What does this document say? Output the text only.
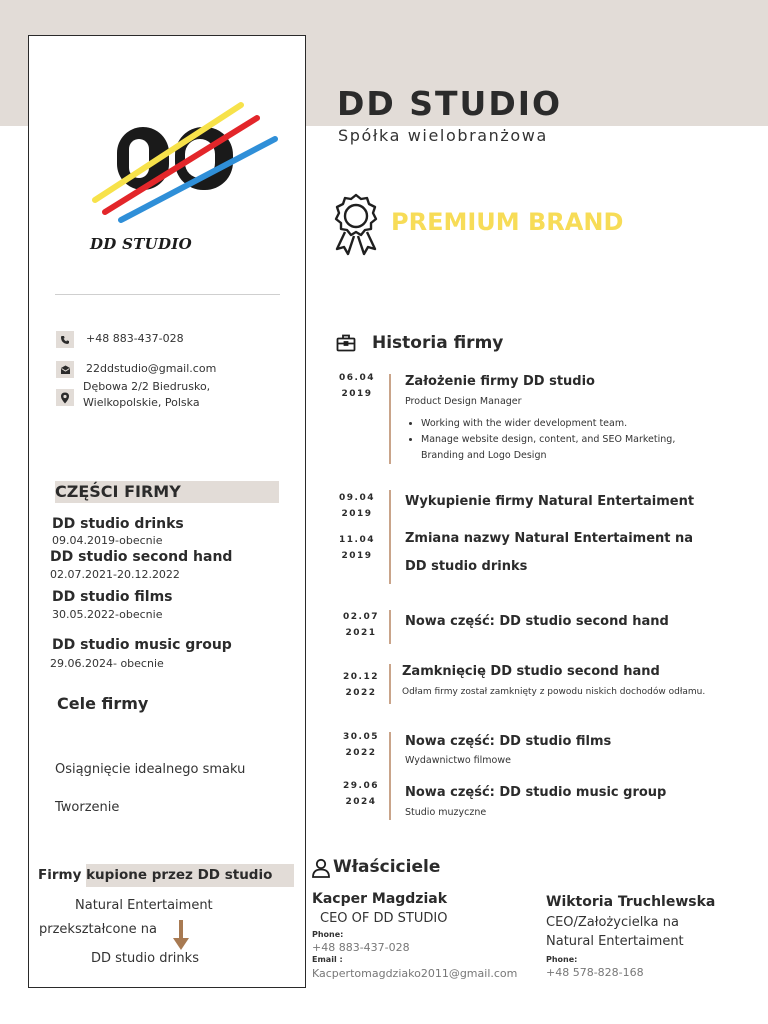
DD STUDIO
+48 883-437-028
22ddstudio@gmail.com
Dębowa 2/2 Biedrusko,
Wielkopolskie, Polska
CZĘŚCI FIRMY
DD studio drinks
09.04.2019-obecnie
DD studio second hand
02.07.2021-20.12.2022
DD studio films
30.05.2022-obecnie
DD studio music group
29.06.2024- obecnie
Cele firmy
Osiągnięcie idealnego smaku
Tworzenie
Firmy kupione przez DD studio
Natural Entertaiment
przekształcone na
DD studio drinks
DD STUDIO
Spółka wielobranżowa
PREMIUM BRAND
Historia firmy
06.04
2019
Założenie firmy DD studio
Product Design Manager
• Working with the wider development team.
• Manage website design, content, and SEO Marketing,
Branding and Logo Design
09.04
2019
Wykupienie firmy Natural Entertaiment
11.04
2019
Zmiana nazwy Natural Entertaiment na
DD studio drinks
02.07
2021
Nowa część: DD studio second hand
20.12
2022
Zamknięcię DD studio second hand
Odłam firmy został zamknięty z powodu niskich dochodów odłamu.
30.05
2022
Nowa część: DD studio films
Wydawnictwo filmowe
29.06
2024
Nowa część: DD studio music group
Studio muzyczne
Właściciele
Kacper Magdziak
CEO OF DD STUDIO
Phone:
+48 883-437-028
Email :
Kacpertomagdziako2011@gmail.com
Wiktoria Truchlewska
CEO/Założycielka na
Natural Entertaiment
Phone:
+48 578-828-168
